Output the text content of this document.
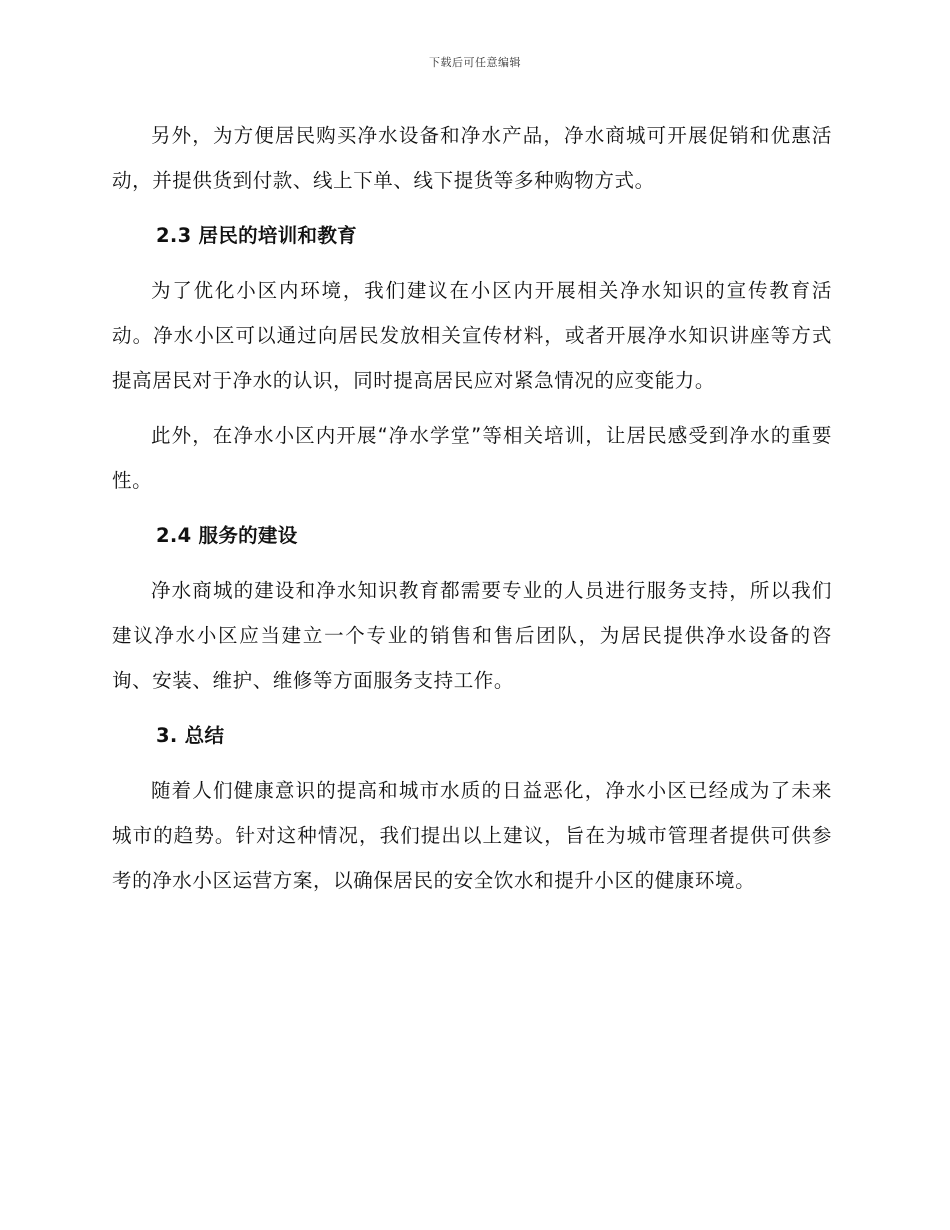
下载后可任意编辑

另外，为方便居民购买净水设备和净水产品，净水商城可开展促销和优惠活动，并提供货到付款、线上下单、线下提货等多种购物方式。

2.3 居民的培训和教育

为了优化小区内环境，我们建议在小区内开展相关净水知识的宣传教育活动。净水小区可以通过向居民发放相关宣传材料，或者开展净水知识讲座等方式提高居民对于净水的认识，同时提高居民应对紧急情况的应变能力。

此外，在净水小区内开展“净水学堂”等相关培训，让居民感受到净水的重要性。

2.4 服务的建设

净水商城的建设和净水知识教育都需要专业的人员进行服务支持，所以我们建议净水小区应当建立一个专业的销售和售后团队，为居民提供净水设备的咨询、安装、维护、维修等方面服务支持工作。

3. 总结

随着人们健康意识的提高和城市水质的日益恶化，净水小区已经成为了未来城市的趋势。针对这种情况，我们提出以上建议，旨在为城市管理者提供可供参考的净水小区运营方案，以确保居民的安全饮水和提升小区的健康环境。
